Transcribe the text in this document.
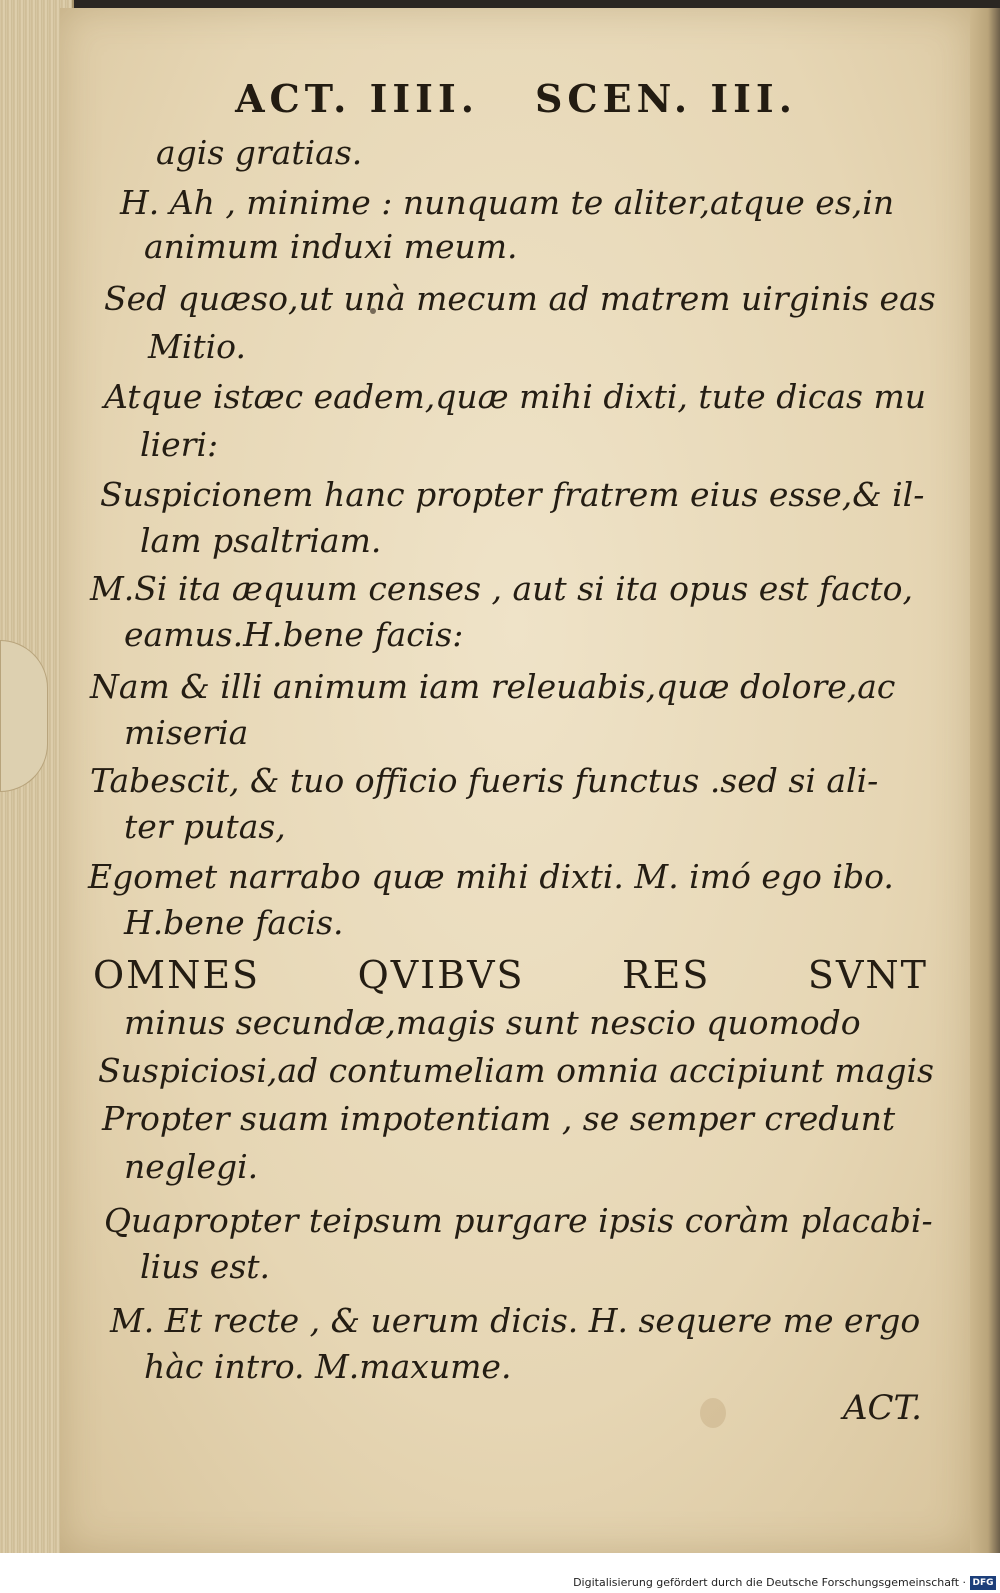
ACT. IIII. SCEN. III.
agis gratias.
H. Ah , minime : nunquam te aliter,atque es,in
animum induxi meum.
Sed quæso,ut unà mecum ad matrem uirginis eas
Mitio.
Atque istæc eadem,quæ mihi dixti, tute dicas mu
lieri:
Suspicionem hanc propter fratrem eius esse,& il-
lam psaltriam.
M.Si ita æquum censes , aut si ita opus est facto,
eamus.H.bene facis:
Nam & illi animum iam releuabis,quæ dolore,ac
miseria
Tabescit, & tuo officio fueris functus .sed si ali-
ter putas,
Egomet narrabo quæ mihi dixti. M. imó ego ibo.
H.bene facis.
OMNES	QVIBVS	RES	SVNT
minus secundæ,magis sunt nescio quomodo
Suspiciosi,ad contumeliam omnia accipiunt magis
Propter suam impotentiam , se semper credunt
neglegi.
Quapropter teipsum purgare ipsis coràm placabi-
lius est.
M. Et recte , & uerum dicis. H. sequere me ergo
hàc intro. M.maxume.
ACT.
Digitalisierung gefördert durch die Deutsche Forschungsgemeinschaft · DFG
